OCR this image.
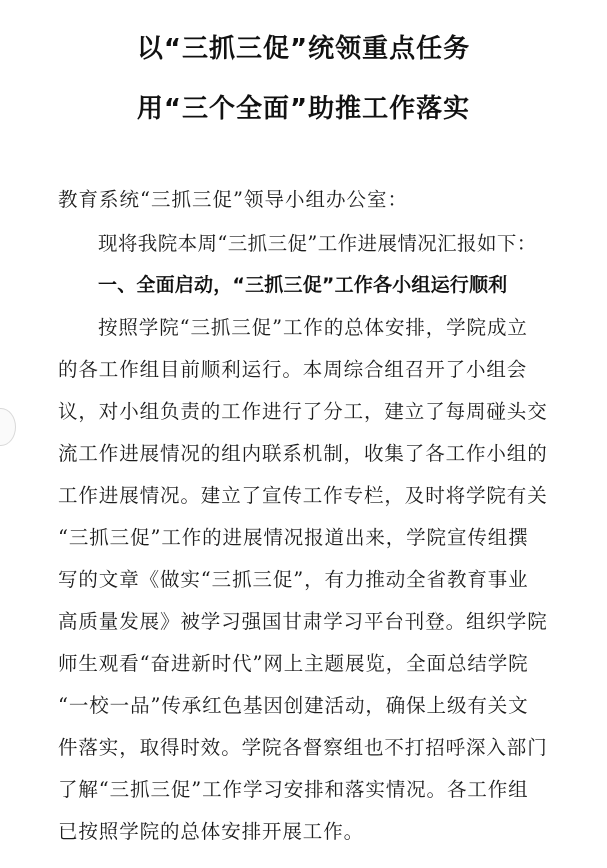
以“三抓三促”统领重点任务
用“三个全面”助推工作落实
教育系统“三抓三促”领导小组办公室：
现将我院本周“三抓三促”工作进展情况汇报如下：
一、全面启动，“三抓三促”工作各小组运行顺利
按照学院“三抓三促”工作的总体安排，学院成立
的各工作组目前顺利运行。本周综合组召开了小组会
议，对小组负责的工作进行了分工，建立了每周碰头交
流工作进展情况的组内联系机制，收集了各工作小组的
工作进展情况。建立了宣传工作专栏，及时将学院有关
“三抓三促”工作的进展情况报道出来，学院宣传组撰
写的文章《做实“三抓三促”，有力推动全省教育事业
高质量发展》被学习强国甘肃学习平台刊登。组织学院
师生观看“奋进新时代”网上主题展览，全面总结学院
“一校一品”传承红色基因创建活动，确保上级有关文
件落实，取得时效。学院各督察组也不打招呼深入部门
了解“三抓三促”工作学习安排和落实情况。各工作组
已按照学院的总体安排开展工作。
